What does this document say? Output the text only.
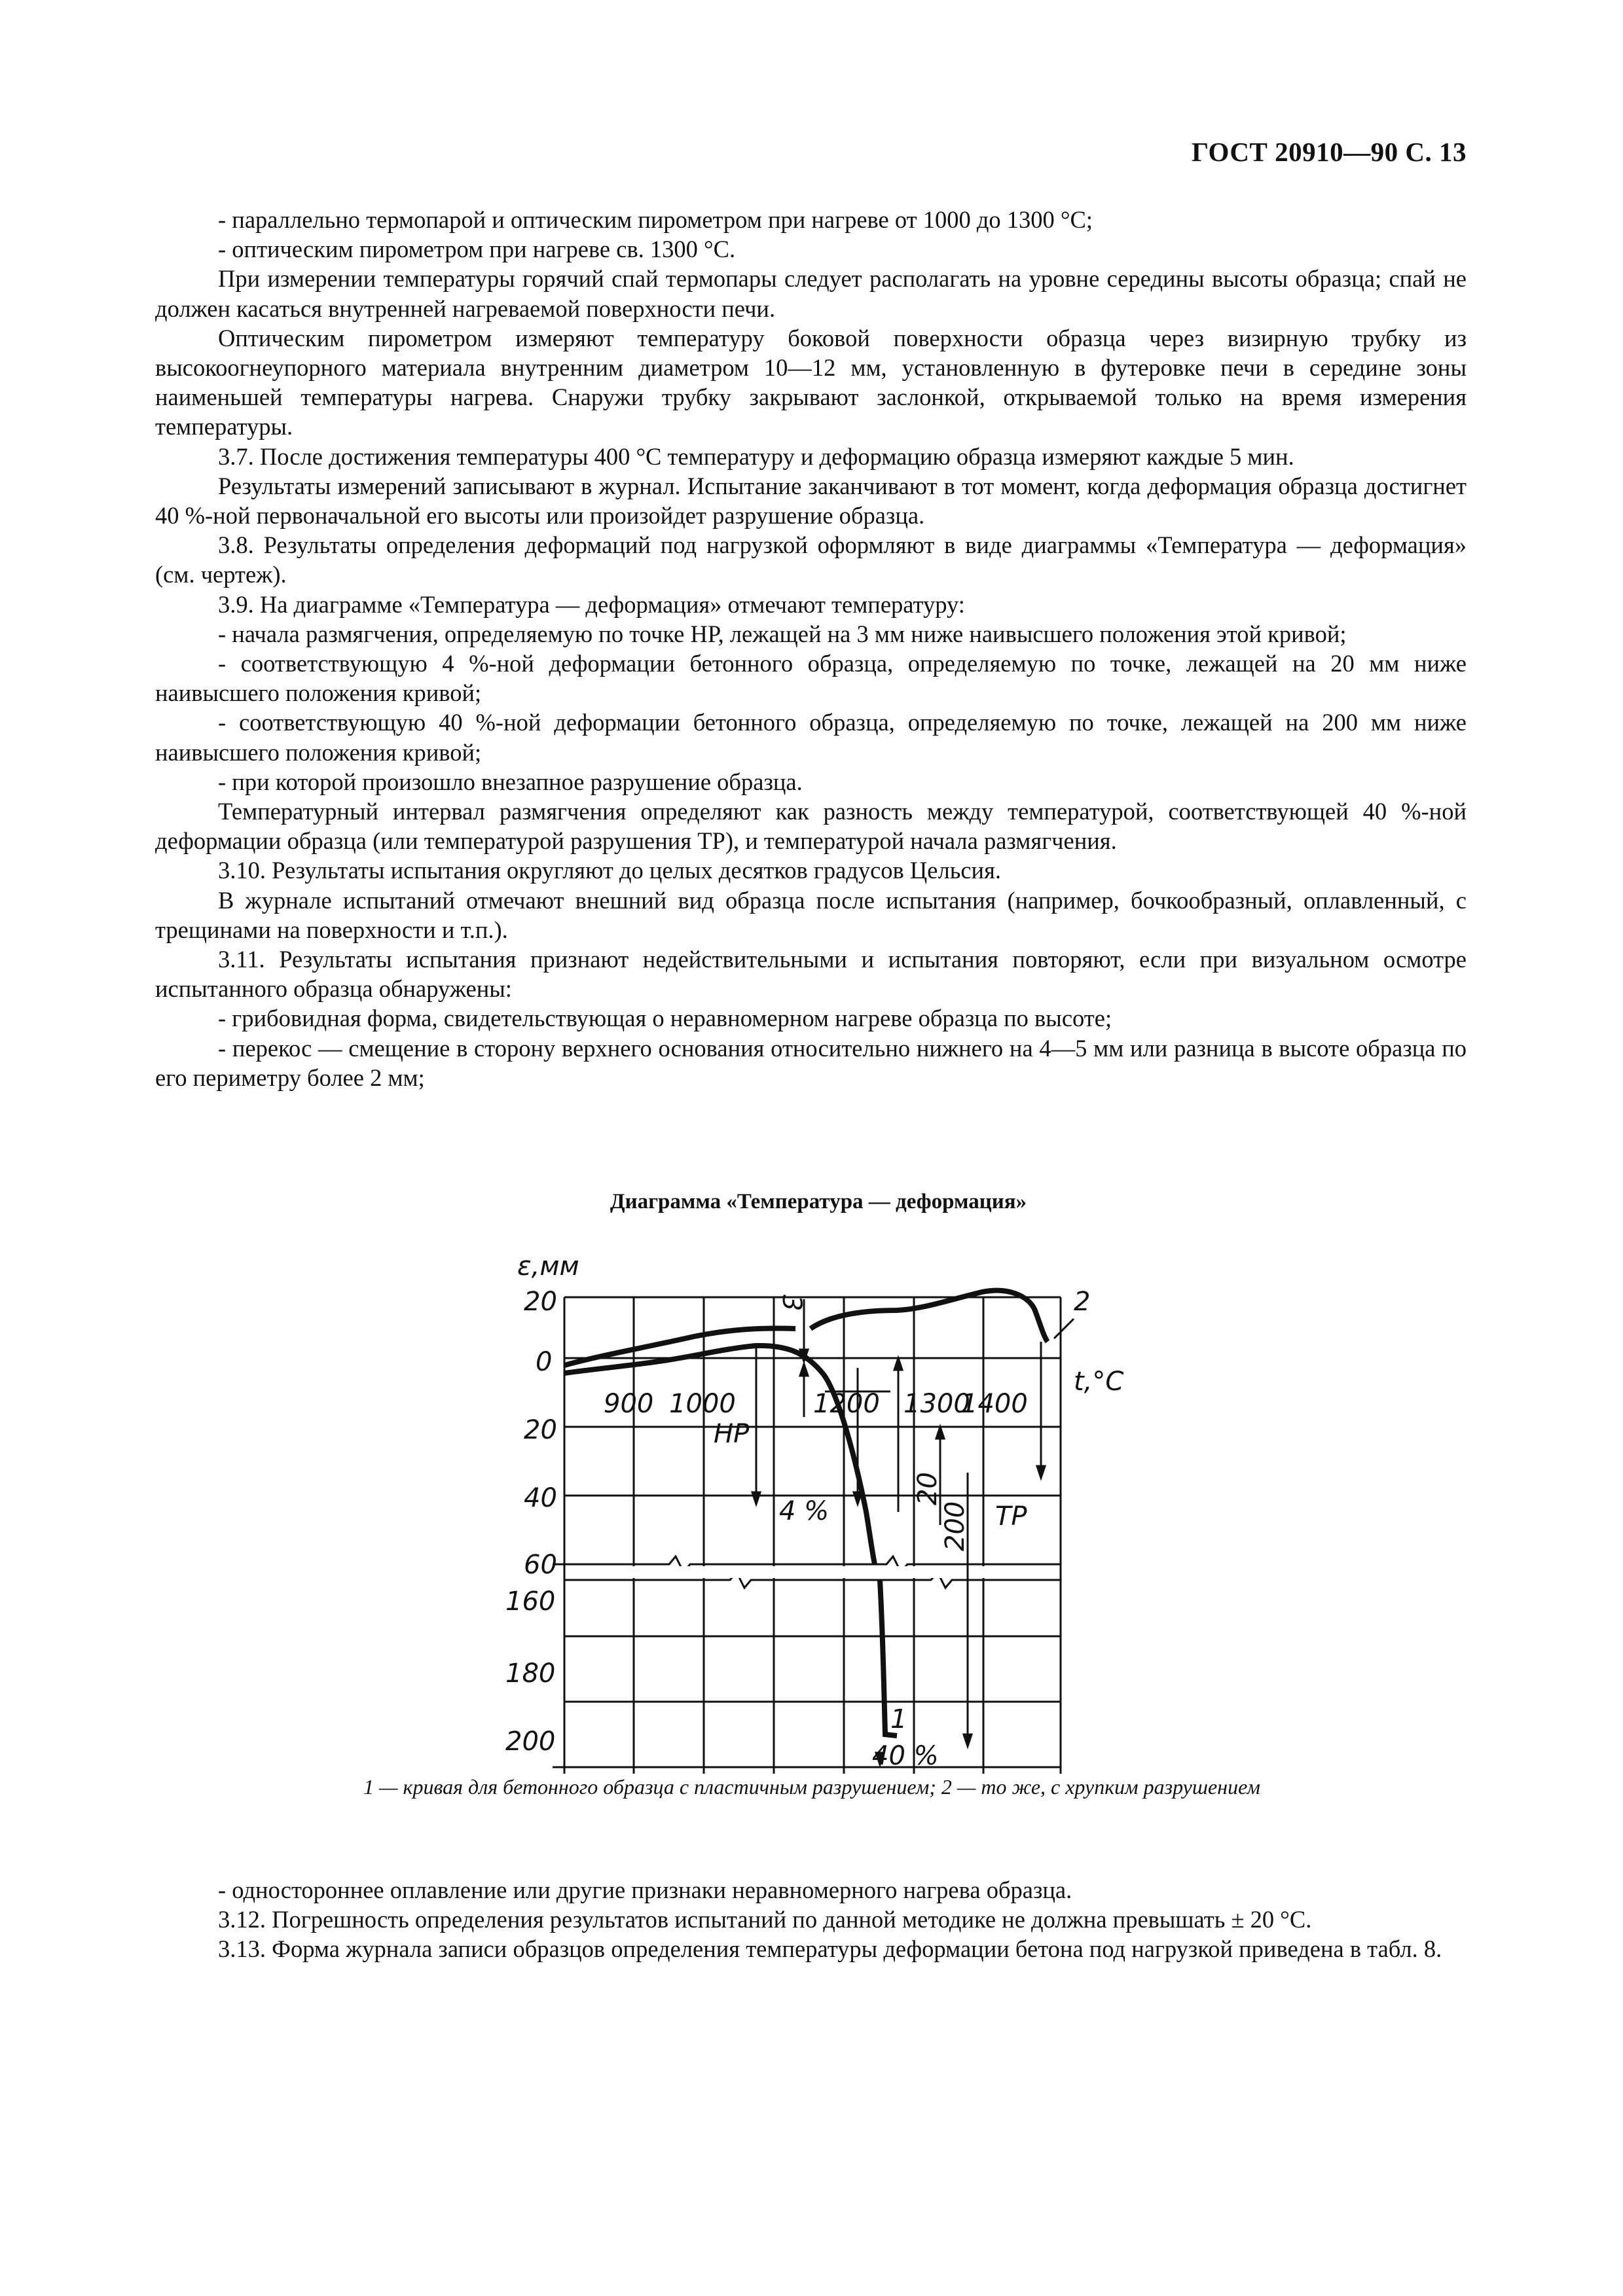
ГОСТ 20910—90 С. 13

- параллельно термопарой и оптическим пирометром при нагреве от 1000 до 1300 °С;

- оптическим пирометром при нагреве св. 1300 °С.

При измерении температуры горячий спай термопары следует располагать на уровне середины высоты образца; спай не должен касаться внутренней нагреваемой поверхности печи.

Оптическим пирометром измеряют температуру боковой поверхности образца через визирную трубку из высокоогнеупорного материала внутренним диаметром 10—12 мм, установленную в футеровке печи в середине зоны наименьшей температуры нагрева. Снаружи трубку закрывают заслонкой, открываемой только на время измерения температуры.

3.7. После достижения температуры 400 °С температуру и деформацию образца измеряют каждые 5 мин.

Результаты измерений записывают в журнал. Испытание заканчивают в тот момент, когда деформация образца достигнет 40 %-ной первоначальной его высоты или произойдет разрушение образца.

3.8. Результаты определения деформаций под нагрузкой оформляют в виде диаграммы «Температура — деформация» (см. чертеж).

3.9. На диаграмме «Температура — деформация» отмечают температуру:

- начала размягчения, определяемую по точке НР, лежащей на 3 мм ниже наивысшего положения этой кривой;

- соответствующую 4 %-ной деформации бетонного образца, определяемую по точке, лежащей на 20 мм ниже наивысшего положения кривой;

- соответствующую 40 %-ной деформации бетонного образца, определяемую по точке, лежащей на 200 мм ниже наивысшего положения кривой;

- при которой произошло внезапное разрушение образца.

Температурный интервал размягчения определяют как разность между температурой, соответствующей 40 %-ной деформации образца (или температурой разрушения ТР), и температурой начала размягчения.

3.10. Результаты испытания округляют до целых десятков градусов Цельсия.

В журнале испытаний отмечают внешний вид образца после испытания (например, бочкообразный, оплавленный, с трещинами на поверхности и т.п.).

3.11. Результаты испытания признают недействительными и испытания повторяют, если при визуальном осмотре испытанного образца обнаружены:

- грибовидная форма, свидетельствующая о неравномерном нагреве образца по высоте;

- перекос — смещение в сторону верхнего основания относительно нижнего на 4—5 мм или разница в высоте образца по его периметру более 2 мм;

Диаграмма «Температура — деформация»
ε,мм
t,°C
20
0
20
40
60
160
180
200
900 1000	1200 1300
1400
НР
4 %
40 %
ТР
3
20
200
1
2
1 — кривая для бетонного образца с пластичным разрушением; 2 — то же, с хрупким разрушением

- одностороннее оплавление или другие признаки неравномерного нагрева образца.

3.12. Погрешность определения результатов испытаний по данной методике не должна превышать ± 20 °С.

3.13. Форма журнала записи образцов определения температуры деформации бетона под нагрузкой приведена в табл. 8.
